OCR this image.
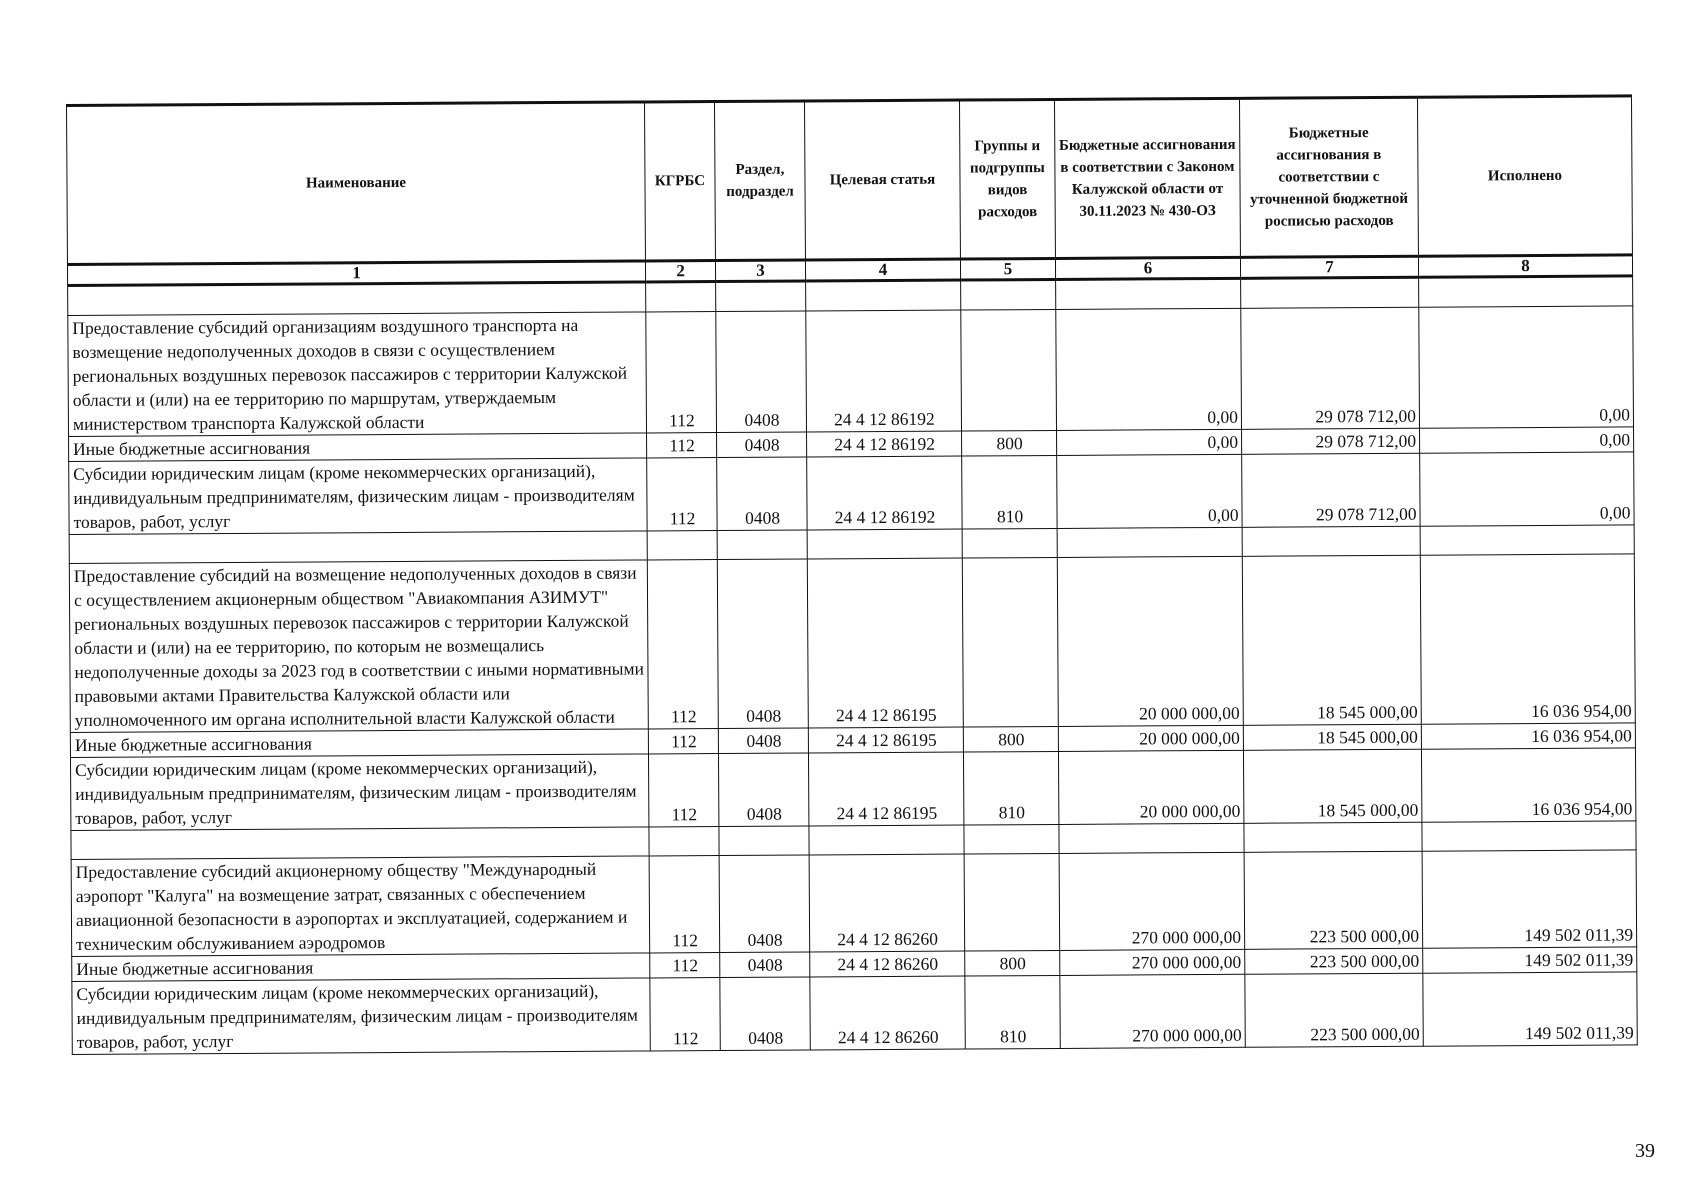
Наименование	КГРБС	Раздел, подраздел	Целевая статья	Группы и подгруппы видов расходов	Бюджетные ассигнования в соответствии с Законом Калужской области от 30.11.2023 № 430-ОЗ	Бюджетные ассигнования в соответствии с уточненной бюджетной росписью расходов	Исполнено
1	2	3	4	5	6	7	8

Предоставление субсидий организациям воздушного транспорта на возмещение недополученных доходов в связи с осуществлением региональных воздушных перевозок пассажиров с территории Калужской области и (или) на ее территорию по маршрутам, утверждаемым министерством транспорта Калужской области	112	0408	24 4 12 86192		0,00	29 078 712,00	0,00
Иные бюджетные ассигнования	112	0408	24 4 12 86192	800	0,00	29 078 712,00	0,00
Субсидии юридическим лицам (кроме некоммерческих организаций), индивидуальным предпринимателям, физическим лицам - производителям товаров, работ, услуг	112	0408	24 4 12 86192	810	0,00	29 078 712,00	0,00

Предоставление субсидий на возмещение недополученных доходов в связи с осуществлением акционерным обществом "Авиакомпания АЗИМУТ" региональных воздушных перевозок пассажиров с территории Калужской области и (или) на ее территорию, по которым не возмещались недополученные доходы за 2023 год в соответствии с иными нормативными правовыми актами Правительства Калужской области или уполномоченного им органа исполнительной власти Калужской области	112	0408	24 4 12 86195		20 000 000,00	18 545 000,00	16 036 954,00
Иные бюджетные ассигнования	112	0408	24 4 12 86195	800	20 000 000,00	18 545 000,00	16 036 954,00
Субсидии юридическим лицам (кроме некоммерческих организаций), индивидуальным предпринимателям, физическим лицам - производителям товаров, работ, услуг	112	0408	24 4 12 86195	810	20 000 000,00	18 545 000,00	16 036 954,00

Предоставление субсидий акционерному обществу "Международный аэропорт "Калуга" на возмещение затрат, связанных с обеспечением авиационной безопасности в аэропортах и эксплуатацией, содержанием и техническим обслуживанием аэродромов	112	0408	24 4 12 86260		270 000 000,00	223 500 000,00	149 502 011,39
Иные бюджетные ассигнования	112	0408	24 4 12 86260	800	270 000 000,00	223 500 000,00	149 502 011,39
Субсидии юридическим лицам (кроме некоммерческих организаций), индивидуальным предпринимателям, физическим лицам - производителям товаров, работ, услуг	112	0408	24 4 12 86260	810	270 000 000,00	223 500 000,00	149 502 011,39
39
